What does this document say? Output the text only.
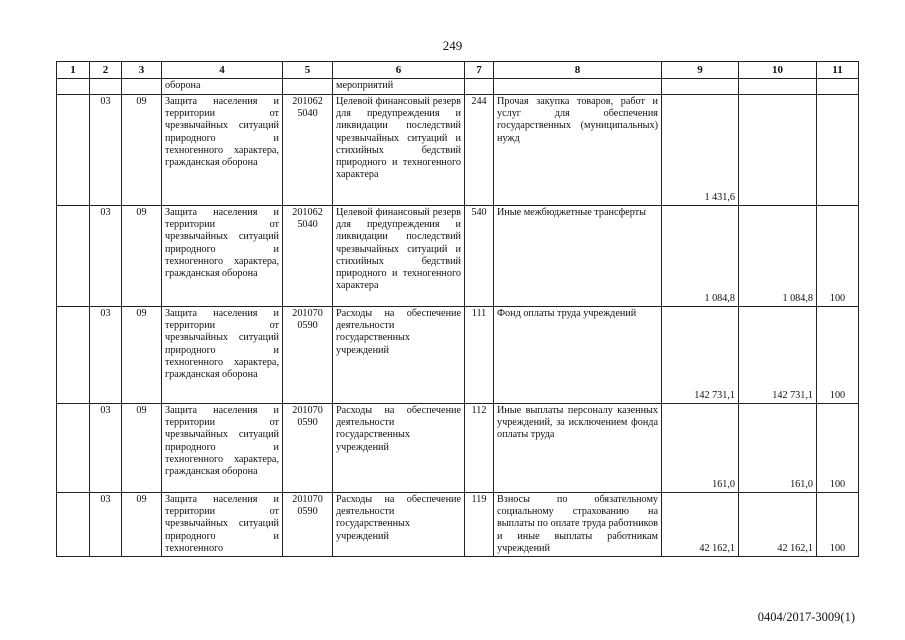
249
1	2	3	4	5	6	7	8	9	10	11
			оборона		мероприятий					
	03	09	Защита населения и территории от чрезвычайных ситуаций природного и техногенного характера, гражданская оборона	201062 5040	Целевой финансовый резерв для предупреждения и ликвидации последствий чрезвычайных ситуаций и стихийных бедствий природного и техногенного характера	244	Прочая закупка товаров, работ и услуг для обеспечения государственных (муниципальных) нужд	1 431,6		
	03	09	Защита населения и территории от чрезвычайных ситуаций природного и техногенного характера, гражданская оборона	201062 5040	Целевой финансовый резерв для предупреждения и ликвидации последствий чрезвычайных ситуаций и стихийных бедствий природного и техногенного характера	540	Иные межбюджетные трансферты	1 084,8	1 084,8	100
	03	09	Защита населения и территории от чрезвычайных ситуаций природного и техногенного характера, гражданская оборона	201070 0590	Расходы на обеспечение деятельности государственных учреждений	111	Фонд оплаты труда учреждений	142 731,1	142 731,1	100
	03	09	Защита населения и территории от чрезвычайных ситуаций природного и техногенного характера, гражданская оборона	201070 0590	Расходы на обеспечение деятельности государственных учреждений	112	Иные выплаты персоналу казенных учреждений, за исключением фонда оплаты труда	161,0	161,0	100
	03	09	Защита населения и территории от чрезвычайных ситуаций природного и техногенного	201070 0590	Расходы на обеспечение деятельности государственных учреждений	119	Взносы по обязательному социальному страхованию на выплаты по оплате труда работников и иные выплаты работникам учреждений	42 162,1	42 162,1	100
0404/2017-3009(1)
